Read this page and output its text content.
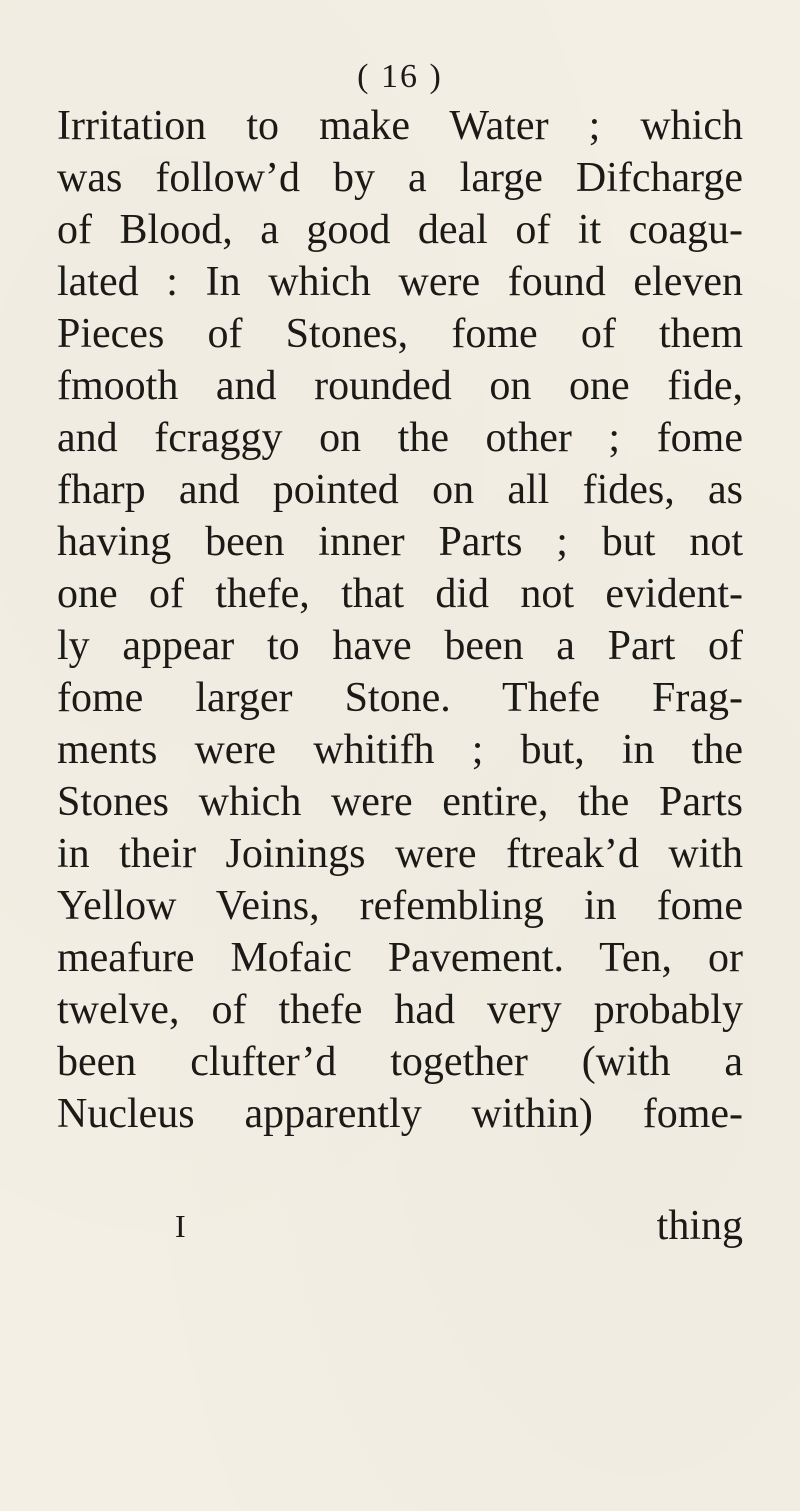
( 16 )
Irritation to make Water ; which
was follow’d by a large Difcharge
of Blood, a good deal of it coagu-
lated : In which were found eleven
Pieces of Stones, fome of them
fmooth and rounded on one fide,
and fcraggy on the other ; fome
fharp and pointed on all fides, as
having been inner Parts ; but not
one of thefe, that did not evident-
ly appear to have been a Part of
fome larger Stone. Thefe Frag-
ments were whitifh ; but, in the
Stones which were entire, the Parts
in their Joinings were ftreak’d with
Yellow Veins, refembling in fome
meafure Mofaic Pavement. Ten, or
twelve, of thefe had very probably
been clufter’d together (with a
Nucleus apparently within) fome-
I	thing
